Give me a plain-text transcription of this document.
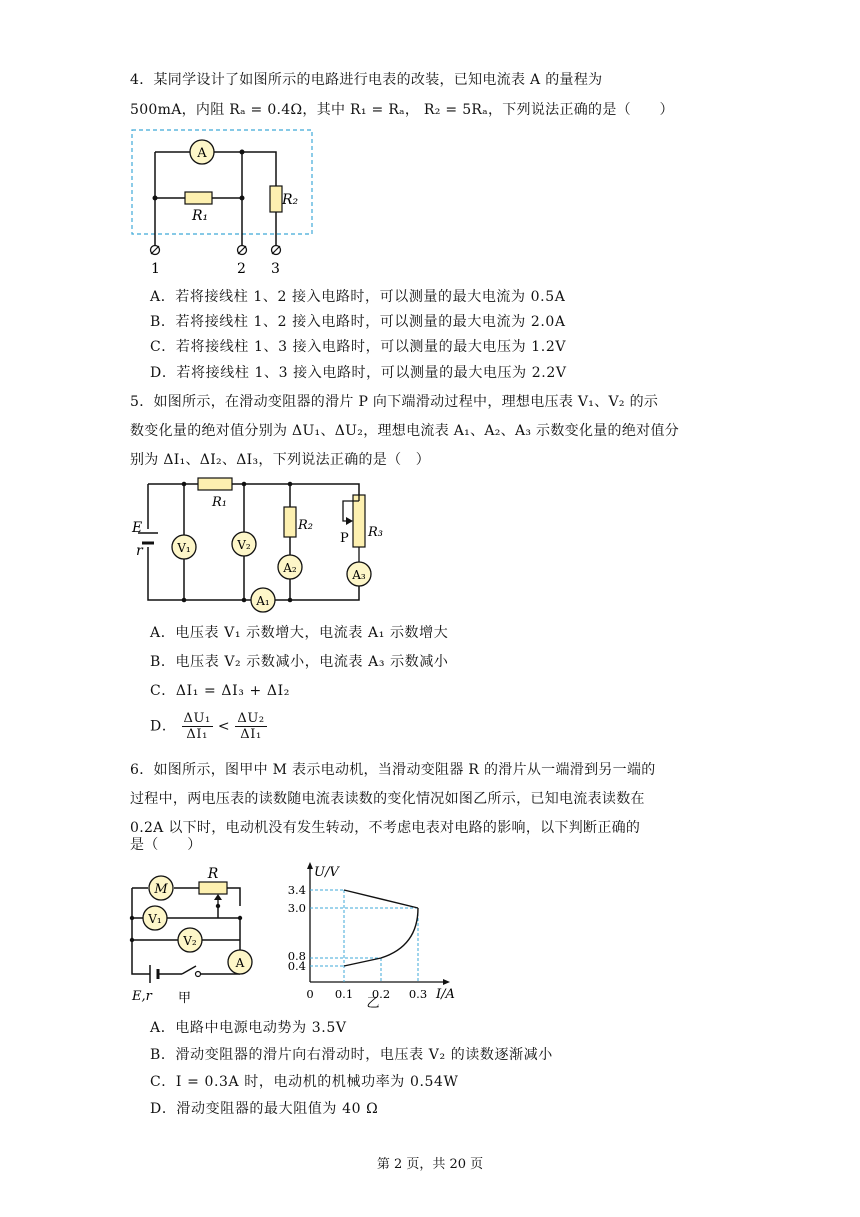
4．某同学设计了如图所示的电路进行电表的改装，已知电流表 A 的量程为
500mA，内阻 Rₐ = 0.4Ω，其中 R₁ = Rₐ， R₂ = 5Rₐ，下列说法正确的是（　　）
A
R₁
R₂
1	2 3
A．若将接线柱 1、2 接入电路时，可以测量的最大电流为 0.5A
B．若将接线柱 1、2 接入电路时，可以测量的最大电流为 2.0A
C．若将接线柱 1、3 接入电路时，可以测量的最大电压为 1.2V
D．若将接线柱 1、3 接入电路时，可以测量的最大电压为 2.2V
5．如图所示，在滑动变阻器的滑片 P 向下端滑动过程中，理想电压表 V₁、V₂ 的示
数变化量的绝对值分别为 ΔU₁、ΔU₂，理想电流表 A₁、A₂、A₃ 示数变化量的绝对值分
别为 ΔI₁、ΔI₂、ΔI₃，下列说法正确的是（　）
E
r	V₁
R₁
V₂
A₁
R₂
A₂
R₃
P
A₃
A．电压表 V₁ 示数增大，电流表 A₁ 示数增大
B．电压表 V₂ 示数减小，电流表 A₃ 示数减小
C．ΔI₁ = ΔI₃ + ΔI₂
D． $\frac{\text{ΔU₁}}{\text{ΔI₁}} < \frac{\text{ΔU₂}}{\text{ΔI₁}}$
6．如图所示，图甲中 M 表示电动机，当滑动变阻器 R 的滑片从一端滑到另一端的
过程中，两电压表的读数随电流表读数的变化情况如图乙所示，已知电流表读数在
0.2A 以下时，电动机没有发生转动，不考虑电表对电路的影响，以下判断正确的
是（　　）
M
R
V₁
V₂
A
E,r 甲
U/V
3.4
3.0
0.8
0.4
0 0.1 0.2 0.3 I/A
乙
A．电路中电源电动势为 3.5V
B．滑动变阻器的滑片向右滑动时，电压表 V₂ 的读数逐渐减小
C．I = 0.3A 时，电动机的机械功率为 0.54W
D．滑动变阻器的最大阻值为 40 Ω
第 2 页，共 20 页
